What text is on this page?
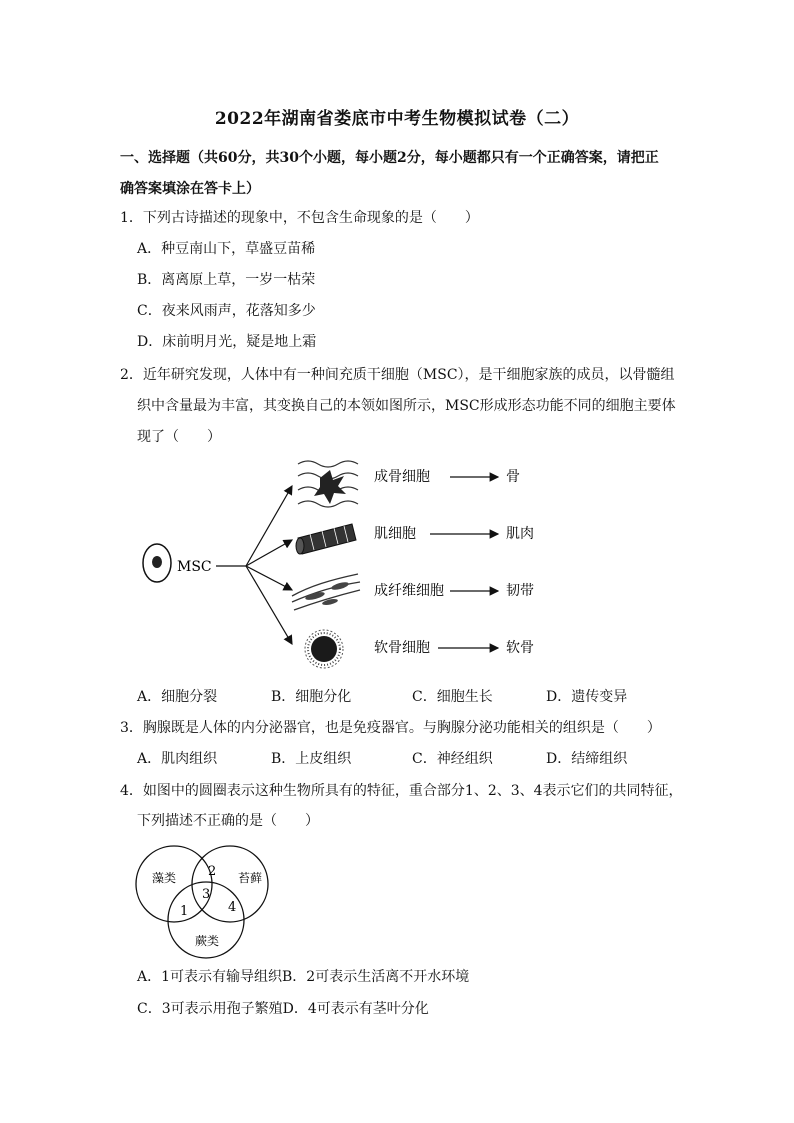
2022年湖南省娄底市中考生物模拟试卷（二）
一、选择题（共60分，共30个小题，每小题2分，每小题都只有一个正确答案，请把正
确答案填涂在答卡上）
1．下列古诗描述的现象中，不包含生命现象的是（　　）
A．种豆南山下，草盛豆苗稀
B．离离原上草，一岁一枯荣
C．夜来风雨声，花落知多少
D．床前明月光，疑是地上霜
2．近年研究发现，人体中有一种间充质干细胞（MSC），是干细胞家族的成员，以骨髓组
织中含量最为丰富，其变换自己的本领如图所示，MSC形成形态功能不同的细胞主要体
现了（　　）
MSC
成骨细胞	骨
肌细胞	肌肉
成纤维细胞	韧带
软骨细胞	软骨
A．细胞分裂	B．细胞分化	C．细胞生长	D．遗传变异
3．胸腺既是人体的内分泌器官，也是免疫器官。与胸腺分泌功能相关的组织是（　　）
A．肌肉组织	B．上皮组织	C．神经组织	D．结缔组织
4．如图中的圆圈表示这种生物所具有的特征，重合部分1、2、3、4表示它们的共同特征，
下列描述不正确的是（　　）
藻类	苔藓
蕨类
1
2
3
4
A．1可表示有输导组织B．2可表示生活离不开水环境
C．3可表示用孢子繁殖D．4可表示有茎叶分化
